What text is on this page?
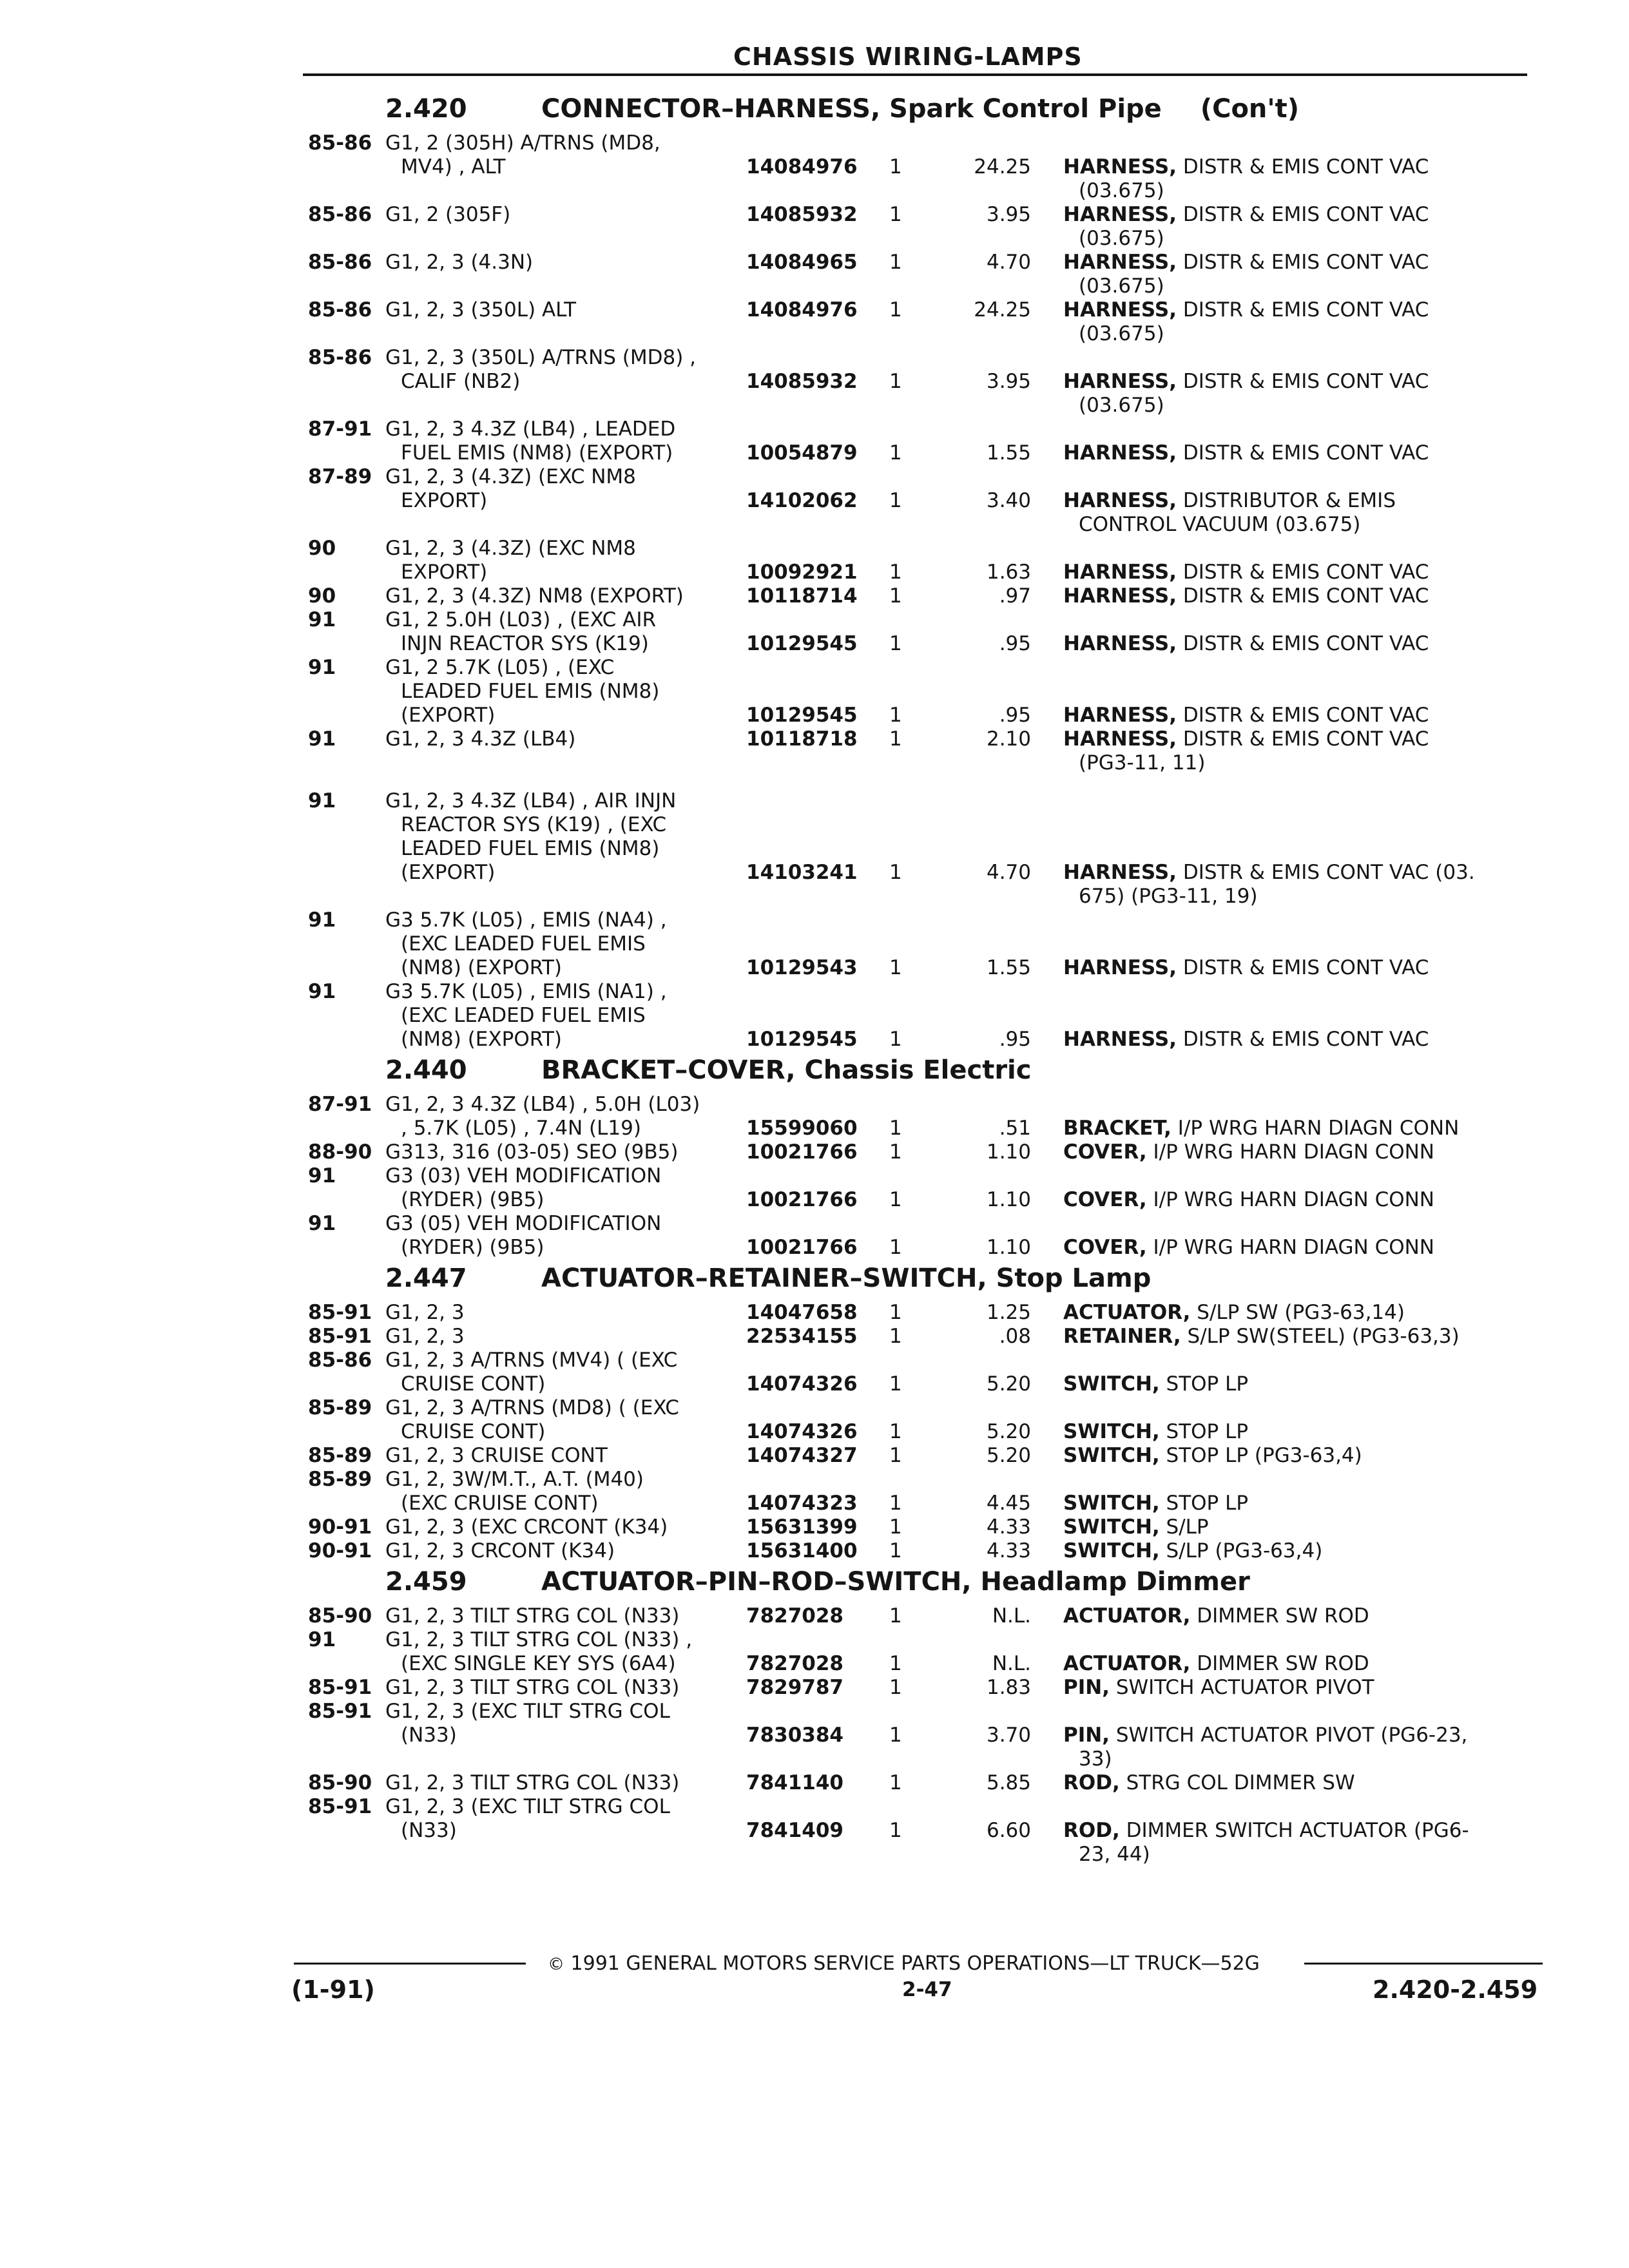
CHASSIS WIRING-LAMPS
2.420	CONNECTOR–HARNESS, Spark Control Pipe (Con't)
85-86 G1, 2 (305H) A/TRNS (MD8,
MV4) , ALT	14084976 1	24.25 HARNESS, DISTR & EMIS CONT VAC
(03.675)
85-86 G1, 2 (305F)	14085932 1	3.95 HARNESS, DISTR & EMIS CONT VAC
(03.675)
85-86 G1, 2, 3 (4.3N)	14084965 1	4.70 HARNESS, DISTR & EMIS CONT VAC
(03.675)
85-86 G1, 2, 3 (350L) ALT	14084976 1	24.25 HARNESS, DISTR & EMIS CONT VAC
(03.675)
85-86 G1, 2, 3 (350L) A/TRNS (MD8) ,
CALIF (NB2)	14085932 1	3.95 HARNESS, DISTR & EMIS CONT VAC
(03.675)
87-91 G1, 2, 3 4.3Z (LB4) , LEADED
FUEL EMIS (NM8) (EXPORT)	10054879 1	1.55 HARNESS, DISTR & EMIS CONT VAC
87-89 G1, 2, 3 (4.3Z) (EXC NM8
EXPORT)	14102062 1	3.40 HARNESS, DISTRIBUTOR & EMIS
CONTROL VACUUM (03.675)
90 G1, 2, 3 (4.3Z) (EXC NM8
EXPORT)	10092921 1	1.63 HARNESS, DISTR & EMIS CONT VAC
90 G1, 2, 3 (4.3Z) NM8 (EXPORT)	10118714 1	.97 HARNESS, DISTR & EMIS CONT VAC
91 G1, 2 5.0H (L03) , (EXC AIR
INJN REACTOR SYS (K19)	10129545 1	.95 HARNESS, DISTR & EMIS CONT VAC
91 G1, 2 5.7K (L05) , (EXC
LEADED FUEL EMIS (NM8)
(EXPORT)	10129545 1	.95 HARNESS, DISTR & EMIS CONT VAC
91 G1, 2, 3 4.3Z (LB4)	10118718 1	2.10 HARNESS, DISTR & EMIS CONT VAC
(PG3-11, 11)
91 G1, 2, 3 4.3Z (LB4) , AIR INJN
REACTOR SYS (K19) , (EXC
LEADED FUEL EMIS (NM8)
(EXPORT)	14103241 1	4.70 HARNESS, DISTR & EMIS CONT VAC (03.
675) (PG3-11, 19)
91 G3 5.7K (L05) , EMIS (NA4) ,
(EXC LEADED FUEL EMIS
(NM8) (EXPORT)	10129543 1	1.55 HARNESS, DISTR & EMIS CONT VAC
91 G3 5.7K (L05) , EMIS (NA1) ,
(EXC LEADED FUEL EMIS
(NM8) (EXPORT)	10129545 1	.95 HARNESS, DISTR & EMIS CONT VAC
2.440	BRACKET–COVER, Chassis Electric
87-91 G1, 2, 3 4.3Z (LB4) , 5.0H (L03)
, 5.7K (L05) , 7.4N (L19)	15599060 1	.51 BRACKET, I/P WRG HARN DIAGN CONN
88-90 G313, 316 (03-05) SEO (9B5)	10021766 1	1.10 COVER, I/P WRG HARN DIAGN CONN
91 G3 (03) VEH MODIFICATION
(RYDER) (9B5)	10021766 1	1.10 COVER, I/P WRG HARN DIAGN CONN
91 G3 (05) VEH MODIFICATION
(RYDER) (9B5)	10021766 1	1.10 COVER, I/P WRG HARN DIAGN CONN
2.447	ACTUATOR–RETAINER–SWITCH, Stop Lamp
85-91 G1, 2, 3	14047658 1	1.25 ACTUATOR, S/LP SW (PG3-63,14)
85-91 G1, 2, 3	22534155 1	.08 RETAINER, S/LP SW(STEEL) (PG3-63,3)
85-86 G1, 2, 3 A/TRNS (MV4) ( (EXC
CRUISE CONT)	14074326 1	5.20 SWITCH, STOP LP
85-89 G1, 2, 3 A/TRNS (MD8) ( (EXC
CRUISE CONT)	14074326 1	5.20 SWITCH, STOP LP
85-89 G1, 2, 3 CRUISE CONT	14074327 1	5.20 SWITCH, STOP LP (PG3-63,4)
85-89 G1, 2, 3W/M.T., A.T. (M40)
(EXC CRUISE CONT)	14074323 1	4.45 SWITCH, STOP LP
90-91 G1, 2, 3 (EXC CRCONT (K34)	15631399 1	4.33 SWITCH, S/LP
90-91 G1, 2, 3 CRCONT (K34)	15631400 1	4.33 SWITCH, S/LP (PG3-63,4)
2.459	ACTUATOR–PIN–ROD–SWITCH, Headlamp Dimmer
85-90 G1, 2, 3 TILT STRG COL (N33)	7827028	1	N.L. ACTUATOR, DIMMER SW ROD
91 G1, 2, 3 TILT STRG COL (N33) ,
(EXC SINGLE KEY SYS (6A4)	7827028	1	N.L. ACTUATOR, DIMMER SW ROD
85-91 G1, 2, 3 TILT STRG COL (N33)	7829787	1	1.83 PIN, SWITCH ACTUATOR PIVOT
85-91 G1, 2, 3 (EXC TILT STRG COL
(N33)	7830384	1	3.70 PIN, SWITCH ACTUATOR PIVOT (PG6-23,
33)
85-90 G1, 2, 3 TILT STRG COL (N33)	7841140	1	5.85 ROD, STRG COL DIMMER SW
85-91 G1, 2, 3 (EXC TILT STRG COL
(N33)	7841409	1	6.60 ROD, DIMMER SWITCH ACTUATOR (PG6-
23, 44)
© 1991 GENERAL MOTORS SERVICE PARTS OPERATIONS—LT TRUCK—52G
(1-91)	2-47	2.420-2.459
